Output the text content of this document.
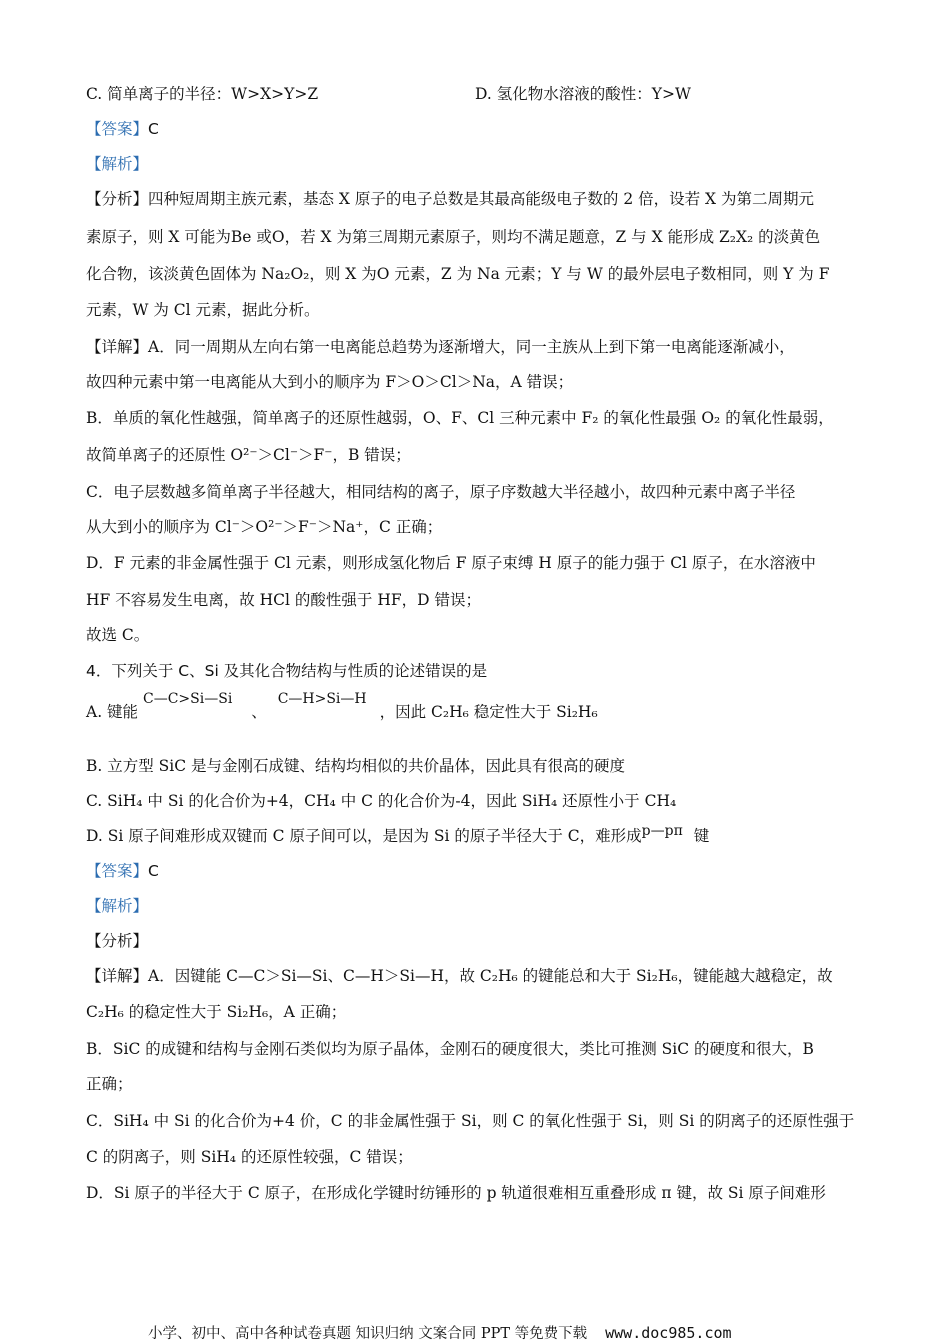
C. 简单离子的半径：W>X>Y>Z	D. 氢化物水溶液的酸性：Y>W
【答案】C
【解析】
【分析】四种短周期主族元素，基态 X 原子的电子总数是其最高能级电子数的 2 倍，设若 X 为第二周期元
素原子，则 X 可能为Be 或O，若 X 为第三周期元素原子，则均不满足题意，Z 与 X 能形成 Z₂X₂ 的淡黄色
化合物，该淡黄色固体为 Na₂O₂，则 X 为O 元素，Z 为 Na 元素；Y 与 W 的最外层电子数相同，则 Y 为 F
元素，W 为 Cl 元素，据此分析。
【详解】A．同一周期从左向右第一电离能总趋势为逐渐增大，同一主族从上到下第一电离能逐渐减小，
故四种元素中第一电离能从大到小的顺序为 F＞O＞Cl＞Na，A 错误；
B．单质的氧化性越强，简单离子的还原性越弱，O、F、Cl 三种元素中 F₂ 的氧化性最强 O₂ 的氧化性最弱，
故简单离子的还原性 O²⁻＞Cl⁻＞F⁻，B 错误；
C．电子层数越多简单离子半径越大，相同结构的离子，原子序数越大半径越小，故四种元素中离子半径
从大到小的顺序为 Cl⁻＞O²⁻＞F⁻＞Na⁺，C 正确；
D．F 元素的非金属性强于 Cl 元素，则形成氢化物后 F 原子束缚 H 原子的能力强于 Cl 原子，在水溶液中
HF 不容易发生电离，故 HCl 的酸性强于 HF，D 错误；
故选 C。
4．下列关于 C、Si 及其化合物结构与性质的论述错误的是
A. 键能 C—C>Si—Si 、 C—H>Si—H ，因此 C₂H₆ 稳定性大于 Si₂H₆
B. 立方型 SiC 是与金刚石成键、结构均相似的共价晶体，因此具有很高的硬度
C. SiH₄ 中 Si 的化合价为+4，CH₄ 中 C 的化合价为-4，因此 SiH₄ 还原性小于 CH₄
D. Si 原子间难形成双键而 C 原子间可以，是因为 Si 的原子半径大于 C，难形成p—pπ 键
【答案】C
【解析】
【分析】
【详解】A．因键能 C—C＞Si—Si、C—H＞Si—H，故 C₂H₆ 的键能总和大于 Si₂H₆，键能越大越稳定，故
C₂H₆ 的稳定性大于 Si₂H₆，A 正确；
B．SiC 的成键和结构与金刚石类似均为原子晶体，金刚石的硬度很大，类比可推测 SiC 的硬度和很大，B
正确；
C．SiH₄ 中 Si 的化合价为+4 价，C 的非金属性强于 Si，则 C 的氧化性强于 Si，则 Si 的阴离子的还原性强于
C 的阴离子，则 SiH₄ 的还原性较强，C 错误；
D．Si 原子的半径大于 C 原子，在形成化学键时纺锤形的 p 轨道很难相互重叠形成 π 键，故 Si 原子间难形
小学、初中、高中各种试卷真题 知识归纳 文案合同 PPT 等免费下载 www.doc985.com
